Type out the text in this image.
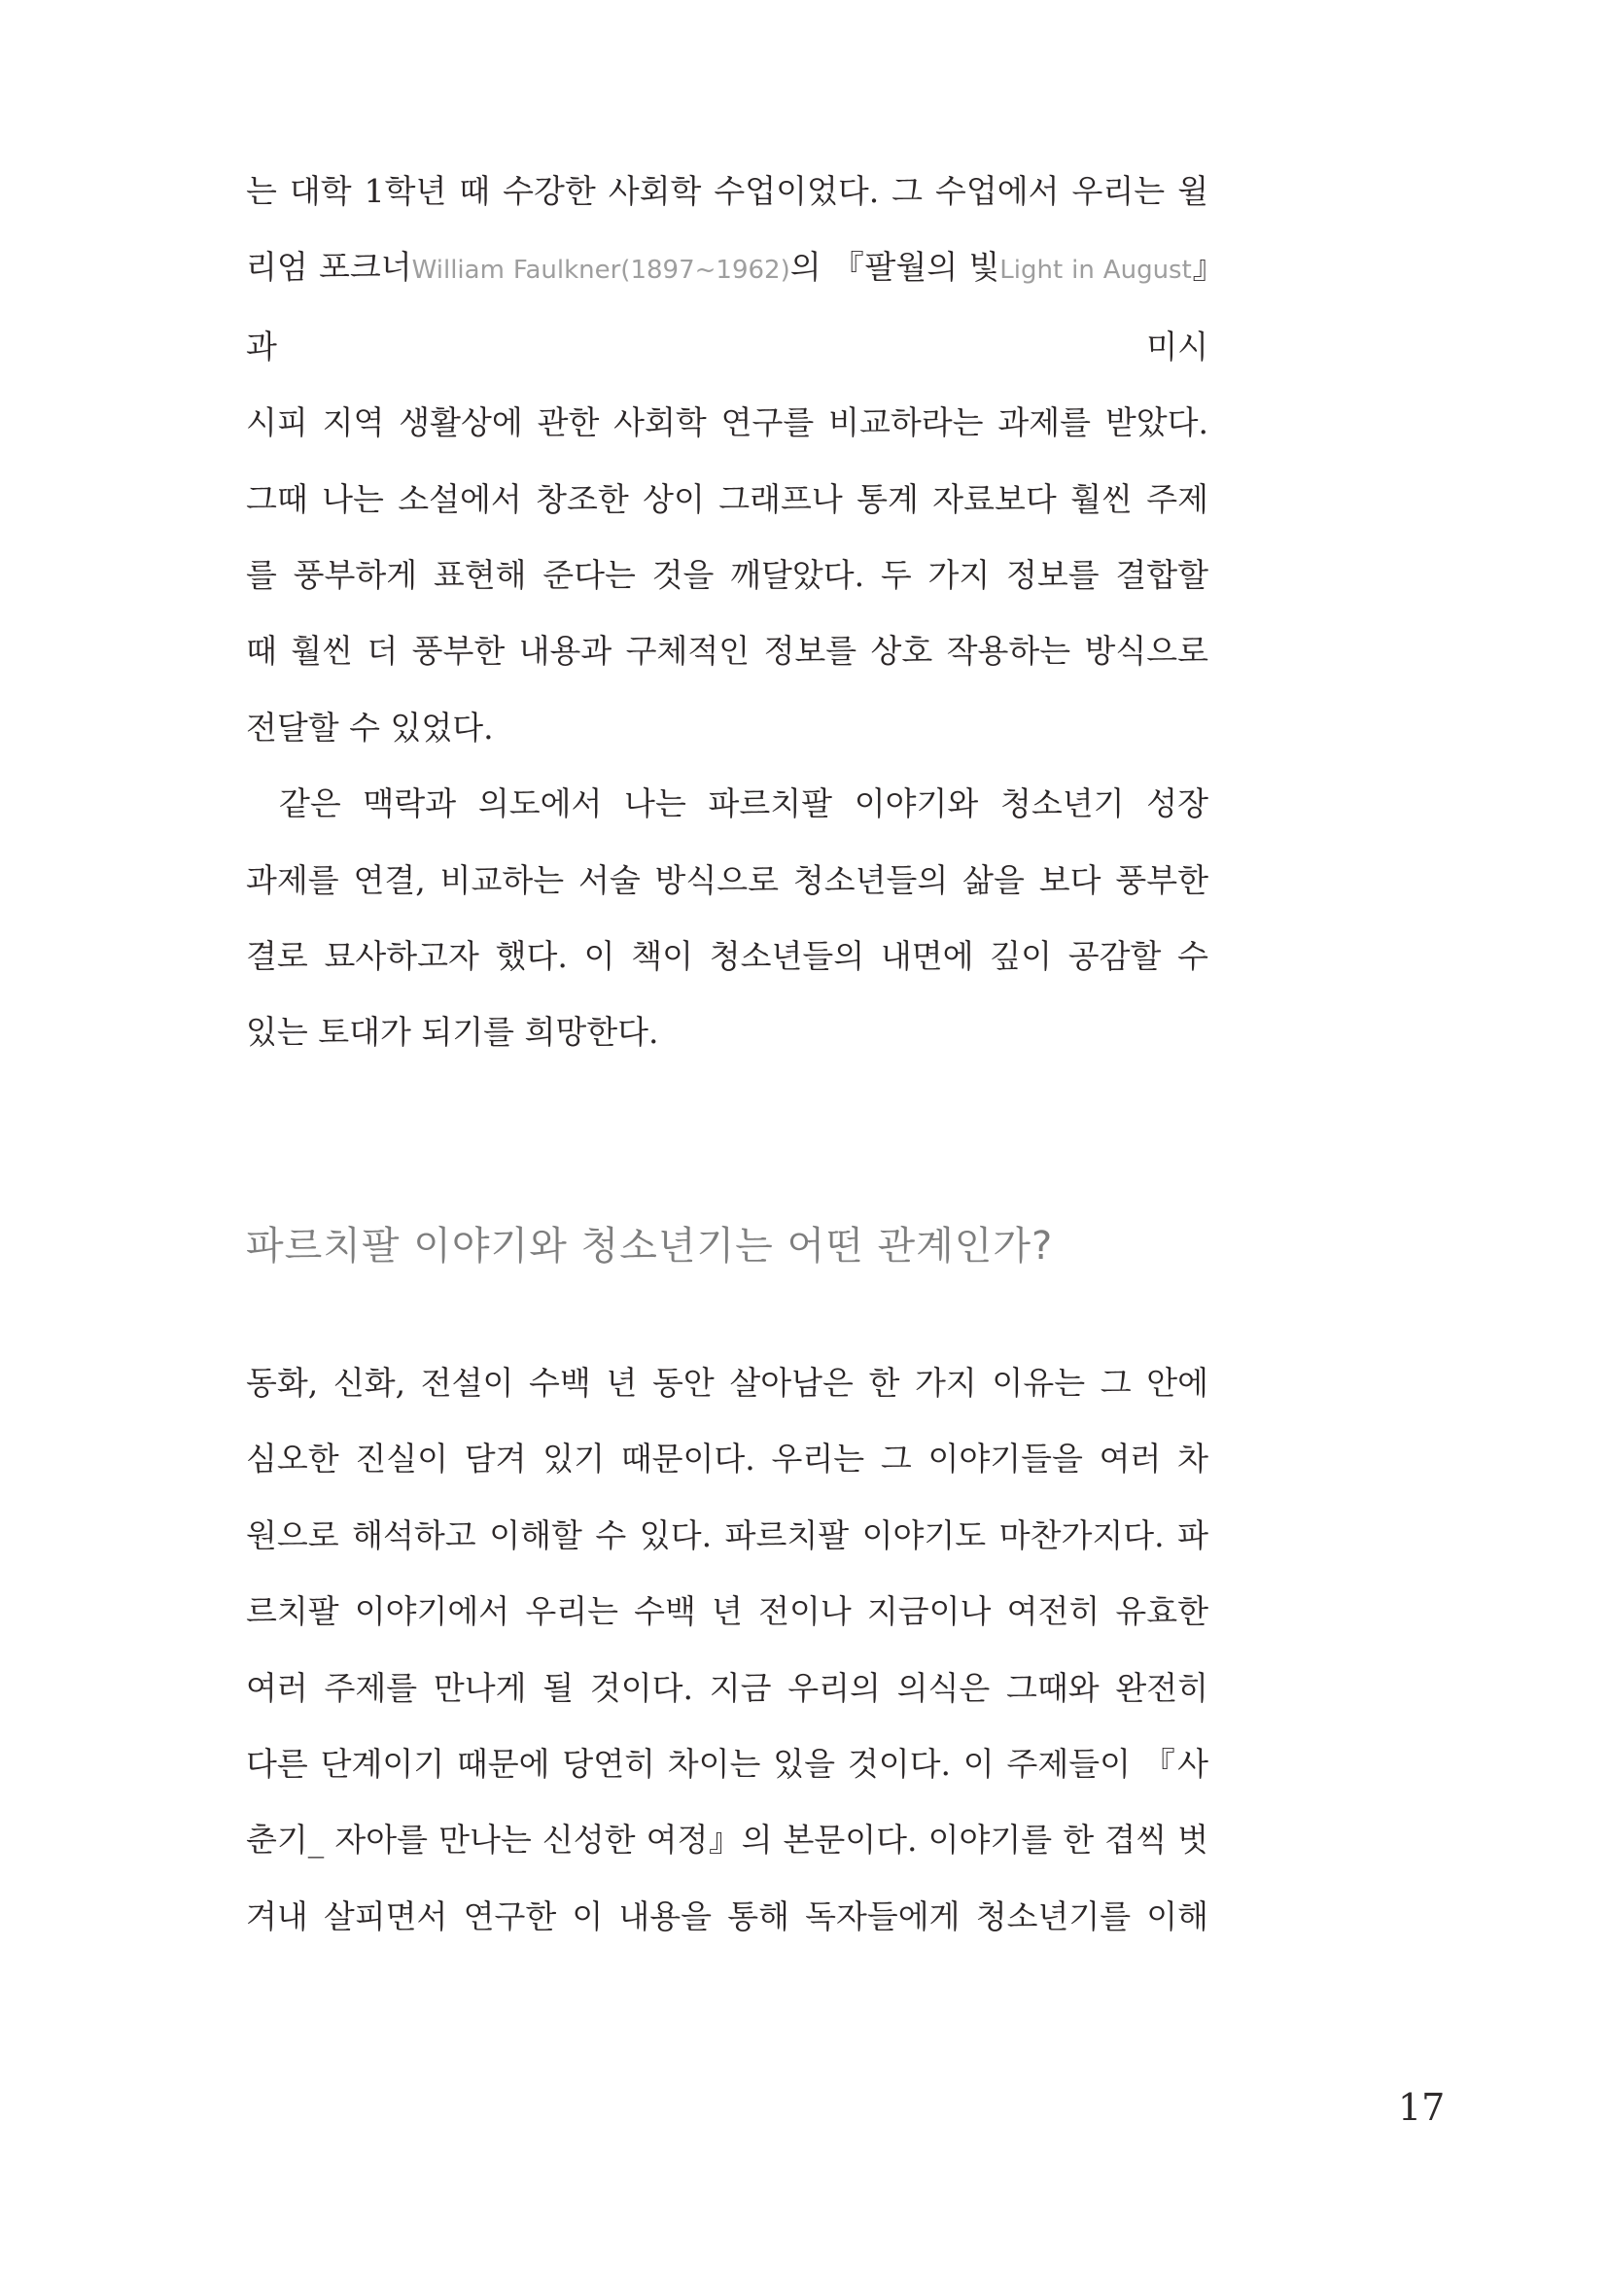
는 대학 1학년 때 수강한 사회학 수업이었다. 그 수업에서 우리는 윌
리엄 포크너William Faulkner(1897~1962)의 『팔월의 빛Light in August』과 미시
시피 지역 생활상에 관한 사회학 연구를 비교하라는 과제를 받았다.
그때 나는 소설에서 창조한 상이 그래프나 통계 자료보다 훨씬 주제
를 풍부하게 표현해 준다는 것을 깨달았다. 두 가지 정보를 결합할
때 훨씬 더 풍부한 내용과 구체적인 정보를 상호 작용하는 방식으로
전달할 수 있었다.
같은 맥락과 의도에서 나는 파르치팔 이야기와 청소년기 성장
과제를 연결, 비교하는 서술 방식으로 청소년들의 삶을 보다 풍부한
결로 묘사하고자 했다. 이 책이 청소년들의 내면에 깊이 공감할 수
있는 토대가 되기를 희망한다.
파르치팔 이야기와 청소년기는 어떤 관계인가?
동화, 신화, 전설이 수백 년 동안 살아남은 한 가지 이유는 그 안에
심오한 진실이 담겨 있기 때문이다. 우리는 그 이야기들을 여러 차
원으로 해석하고 이해할 수 있다. 파르치팔 이야기도 마찬가지다. 파
르치팔 이야기에서 우리는 수백 년 전이나 지금이나 여전히 유효한
여러 주제를 만나게 될 것이다. 지금 우리의 의식은 그때와 완전히
다른 단계이기 때문에 당연히 차이는 있을 것이다. 이 주제들이 『사
춘기_ 자아를 만나는 신성한 여정』의 본문이다. 이야기를 한 겹씩 벗
겨내 살피면서 연구한 이 내용을 통해 독자들에게 청소년기를 이해
17
